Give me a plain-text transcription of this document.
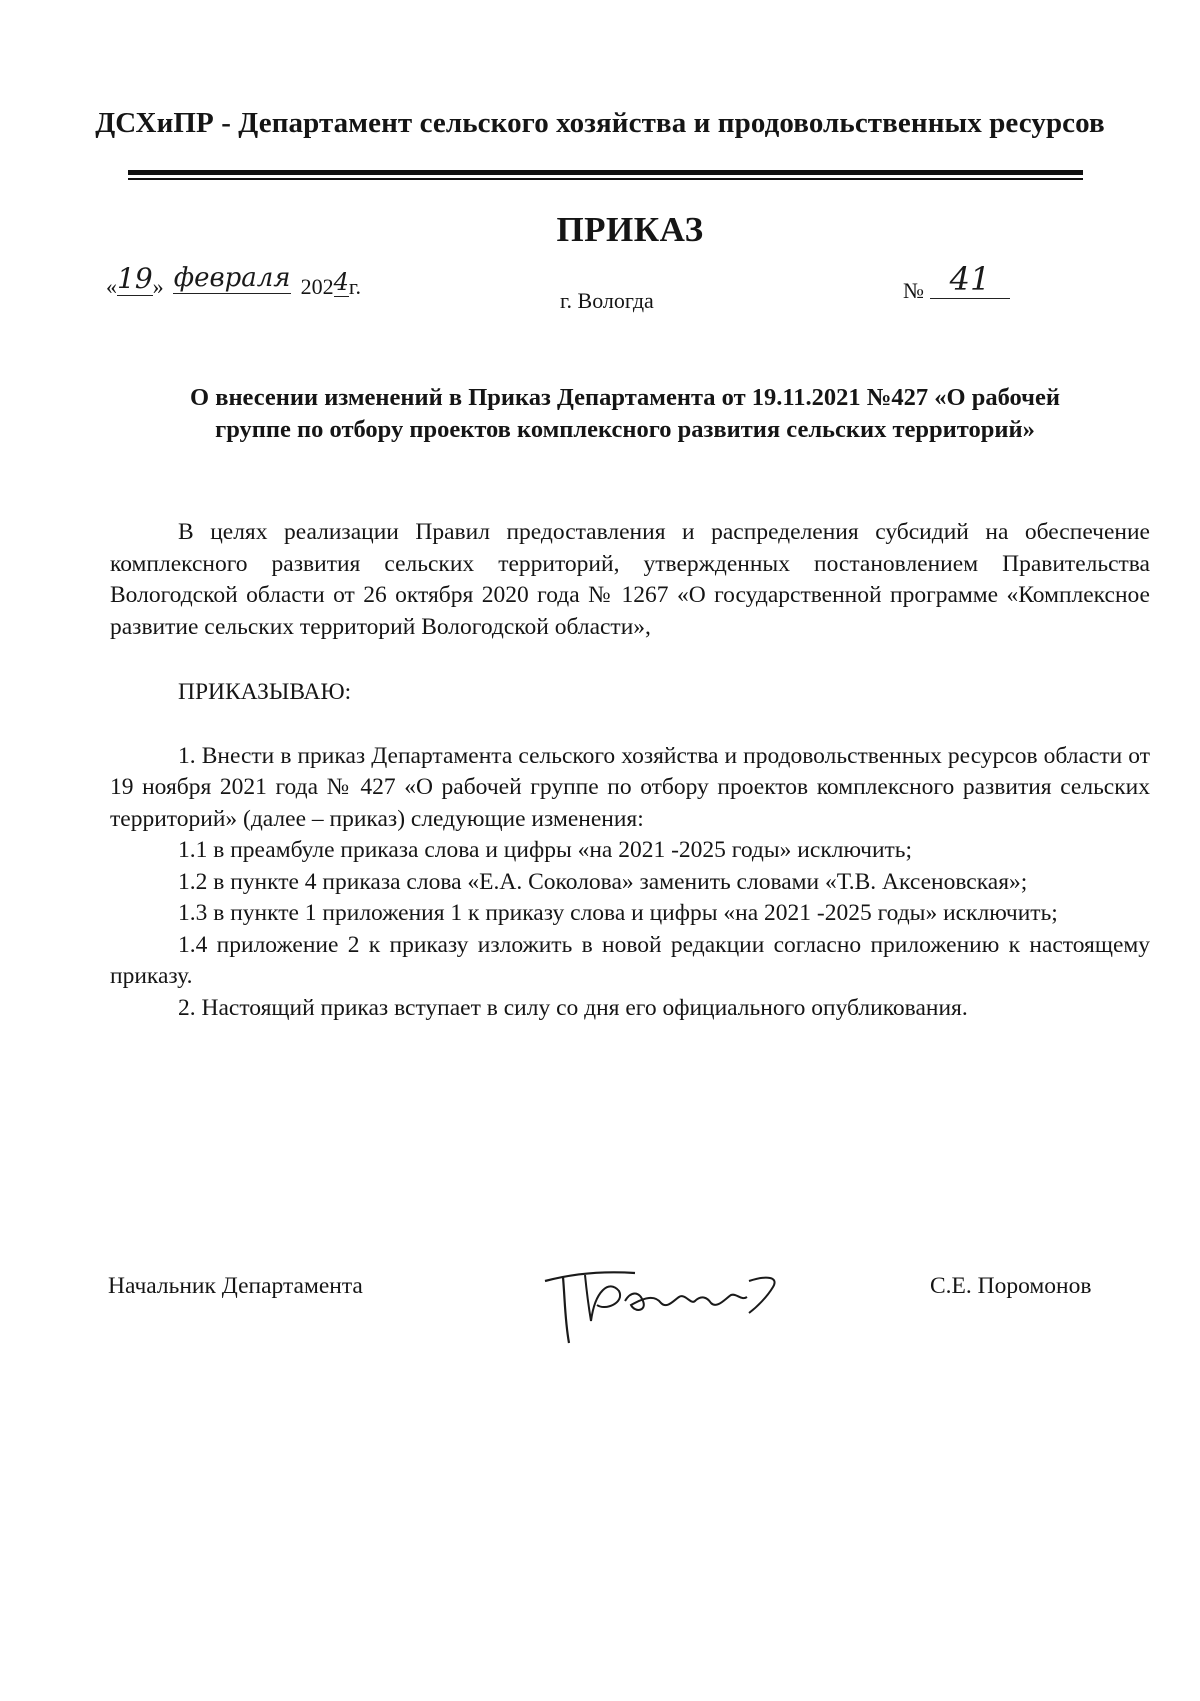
ДСХиПР - Департамент сельского хозяйства и продовольственных ресурсов
ПРИКАЗ
«19» февраля 2024г.
г. Вологда	№ 41
О внесении изменений в Приказ Департамента от 19.11.2021 №427 «О рабочей
группе по отбору проектов комплексного развития сельских территорий»

В целях реализации Правил предоставления и распределения субсидий на обеспечение комплексного развития сельских территорий, утвержденных постановлением Правительства Вологодской области от 26 октября 2020 года № 1267 «О государственной программе «Комплексное развитие сельских территорий Вологодской области»,

ПРИКАЗЫВАЮ:

1. Внести в приказ Департамента сельского хозяйства и продовольственных ресурсов области от 19 ноября 2021 года № 427 «О рабочей группе по отбору проектов комплексного развития сельских территорий» (далее – приказ) следующие изменения:

1.1 в преамбуле приказа слова и цифры «на 2021 -2025 годы» исключить;

1.2 в пункте 4 приказа слова «Е.А. Соколова» заменить словами «Т.В. Аксеновская»;

1.3 в пункте 1 приложения 1 к приказу слова и цифры «на 2021 -2025 годы» исключить;

1.4 приложение 2 к приказу изложить в новой редакции согласно приложению к настоящему приказу.

2. Настоящий приказ вступает в силу со дня его официального опубликования.

Начальник Департамента	С.Е. Поромонов
